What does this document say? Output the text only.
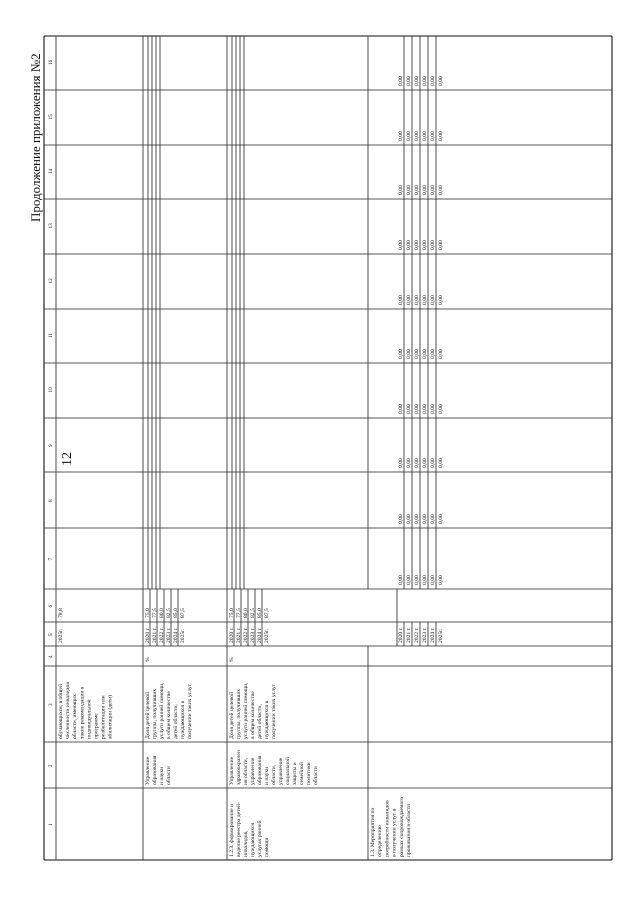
Продолжение приложения №2
12
1
2
3
4
5
6
7
8
9
10
11
12
13
14
15
16
обучающихся, в общей численности инвалидов области, имеющих такие рекомендации в индивидуальной программе реабилитации или абилитации (дети)
2025г.
78,8
Управление образования и науки области
Доля детей целевой группы, получивших услуги ранней помощи, в общем количестве детей области, нуждающихся в получении таких услуг
%
2020 г. 2021 г. 2022 г. 2023 г. 2024 г. 2025г.
75,0 77,5 80,0 82,5 85,0 87,5
1.2.3. формирование и ведение реестра детей- инвалидов, нуждающихся услугах ранней помощи
Управление здравоохранен ия области, управление образования и науки области, управление социальной защиты и семейной политики области
Доля детей целевой группы, получивших услуги ранней помощи, в общем количестве детей области, нуждающихся в получении таких услуг
%
2020 г. 2021 г. 2022 г. 2023 г. 2024 г. 2025г.
75,0 77,5 80,0 82,5 85,0 87,5
1.3. Мероприятия по определению потребности инвалидов в получении услуг в рамках сопровождаемого проживания в области
2020 г. 2021 г. 2022 г. 2023 г. 2024 г. 2025г.
0,00 0,00 0,00 0,00 0,00 0,00
0,00 0,00 0,00 0,00 0,00 0,00
0,00 0,00 0,00 0,00 0,00 0,00
0,00 0,00 0,00 0,00 0,00 0,00
0,00 0,00 0,00 0,00 0,00 0,00
0,00 0,00 0,00 0,00 0,00 0,00
0,00 0,00 0,00 0,00 0,00 0,00
0,00 0,00 0,00 0,00 0,00 0,00
0,00 0,00 0,00 0,00 0,00 0,00
0,00 0,00 0,00 0,00 0,00 0,00
